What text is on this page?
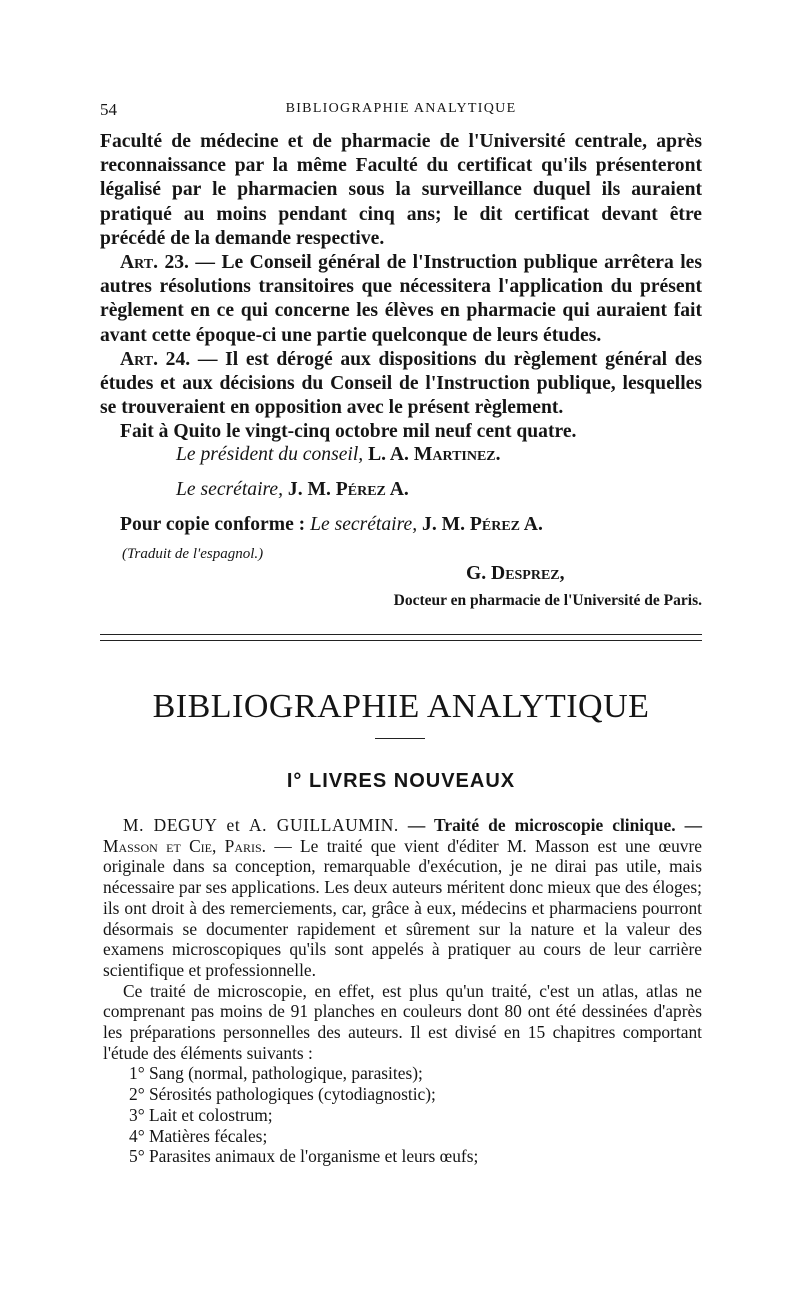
54	BIBLIOGRAPHIE ANALYTIQUE

Faculté de médecine et de pharmacie de l'Université centrale, après reconnaissance par la même Faculté du certificat qu'ils présenteront légalisé par le pharmacien sous la surveillance duquel ils auraient pratiqué au moins pendant cinq ans; le dit certificat devant être précédé de la demande respective.

Art. 23. — Le Conseil général de l'Instruction publique arrêtera les autres résolutions transitoires que nécessitera l'application du présent règlement en ce qui concerne les élèves en pharmacie qui auraient fait avant cette époque-ci une partie quelconque de leurs études.

Art. 24. — Il est dérogé aux dispositions du règlement général des études et aux décisions du Conseil de l'Instruction publique, lesquelles se trouveraient en opposition avec le présent règlement.

Fait à Quito le vingt-cinq octobre mil neuf cent quatre.

Le président du conseil, L. A. Martinez.
Le secrétaire, J. M. Pérez A.
Pour copie conforme : Le secrétaire, J. M. Pérez A.
(Traduit de l'espagnol.)
G. Desprez,
Docteur en pharmacie de l'Université de Paris.
BIBLIOGRAPHIE ANALYTIQUE
I° LIVRES NOUVEAUX

M. DEGUY et A. GUILLAUMIN. — Traité de microscopie clinique. — Masson et Cie, Paris. — Le traité que vient d'éditer M. Masson est une œuvre originale dans sa conception, remarquable d'exécution, je ne dirai pas utile, mais nécessaire par ses applications. Les deux auteurs méritent donc mieux que des éloges; ils ont droit à des remerciements, car, grâce à eux, médecins et pharmaciens pourront désormais se documenter rapidement et sûrement sur la nature et la valeur des examens microscopiques qu'ils sont appelés à pratiquer au cours de leur carrière scientifique et professionnelle.

Ce traité de microscopie, en effet, est plus qu'un traité, c'est un atlas, atlas ne comprenant pas moins de 91 planches en couleurs dont 80 ont été dessinées d'après les préparations personnelles des auteurs. Il est divisé en 15 chapitres comportant l'étude des éléments suivants :

1° Sang (normal, pathologique, parasites);

2° Sérosités pathologiques (cytodiagnostic);

3° Lait et colostrum;

4° Matières fécales;

5° Parasites animaux de l'organisme et leurs œufs;
